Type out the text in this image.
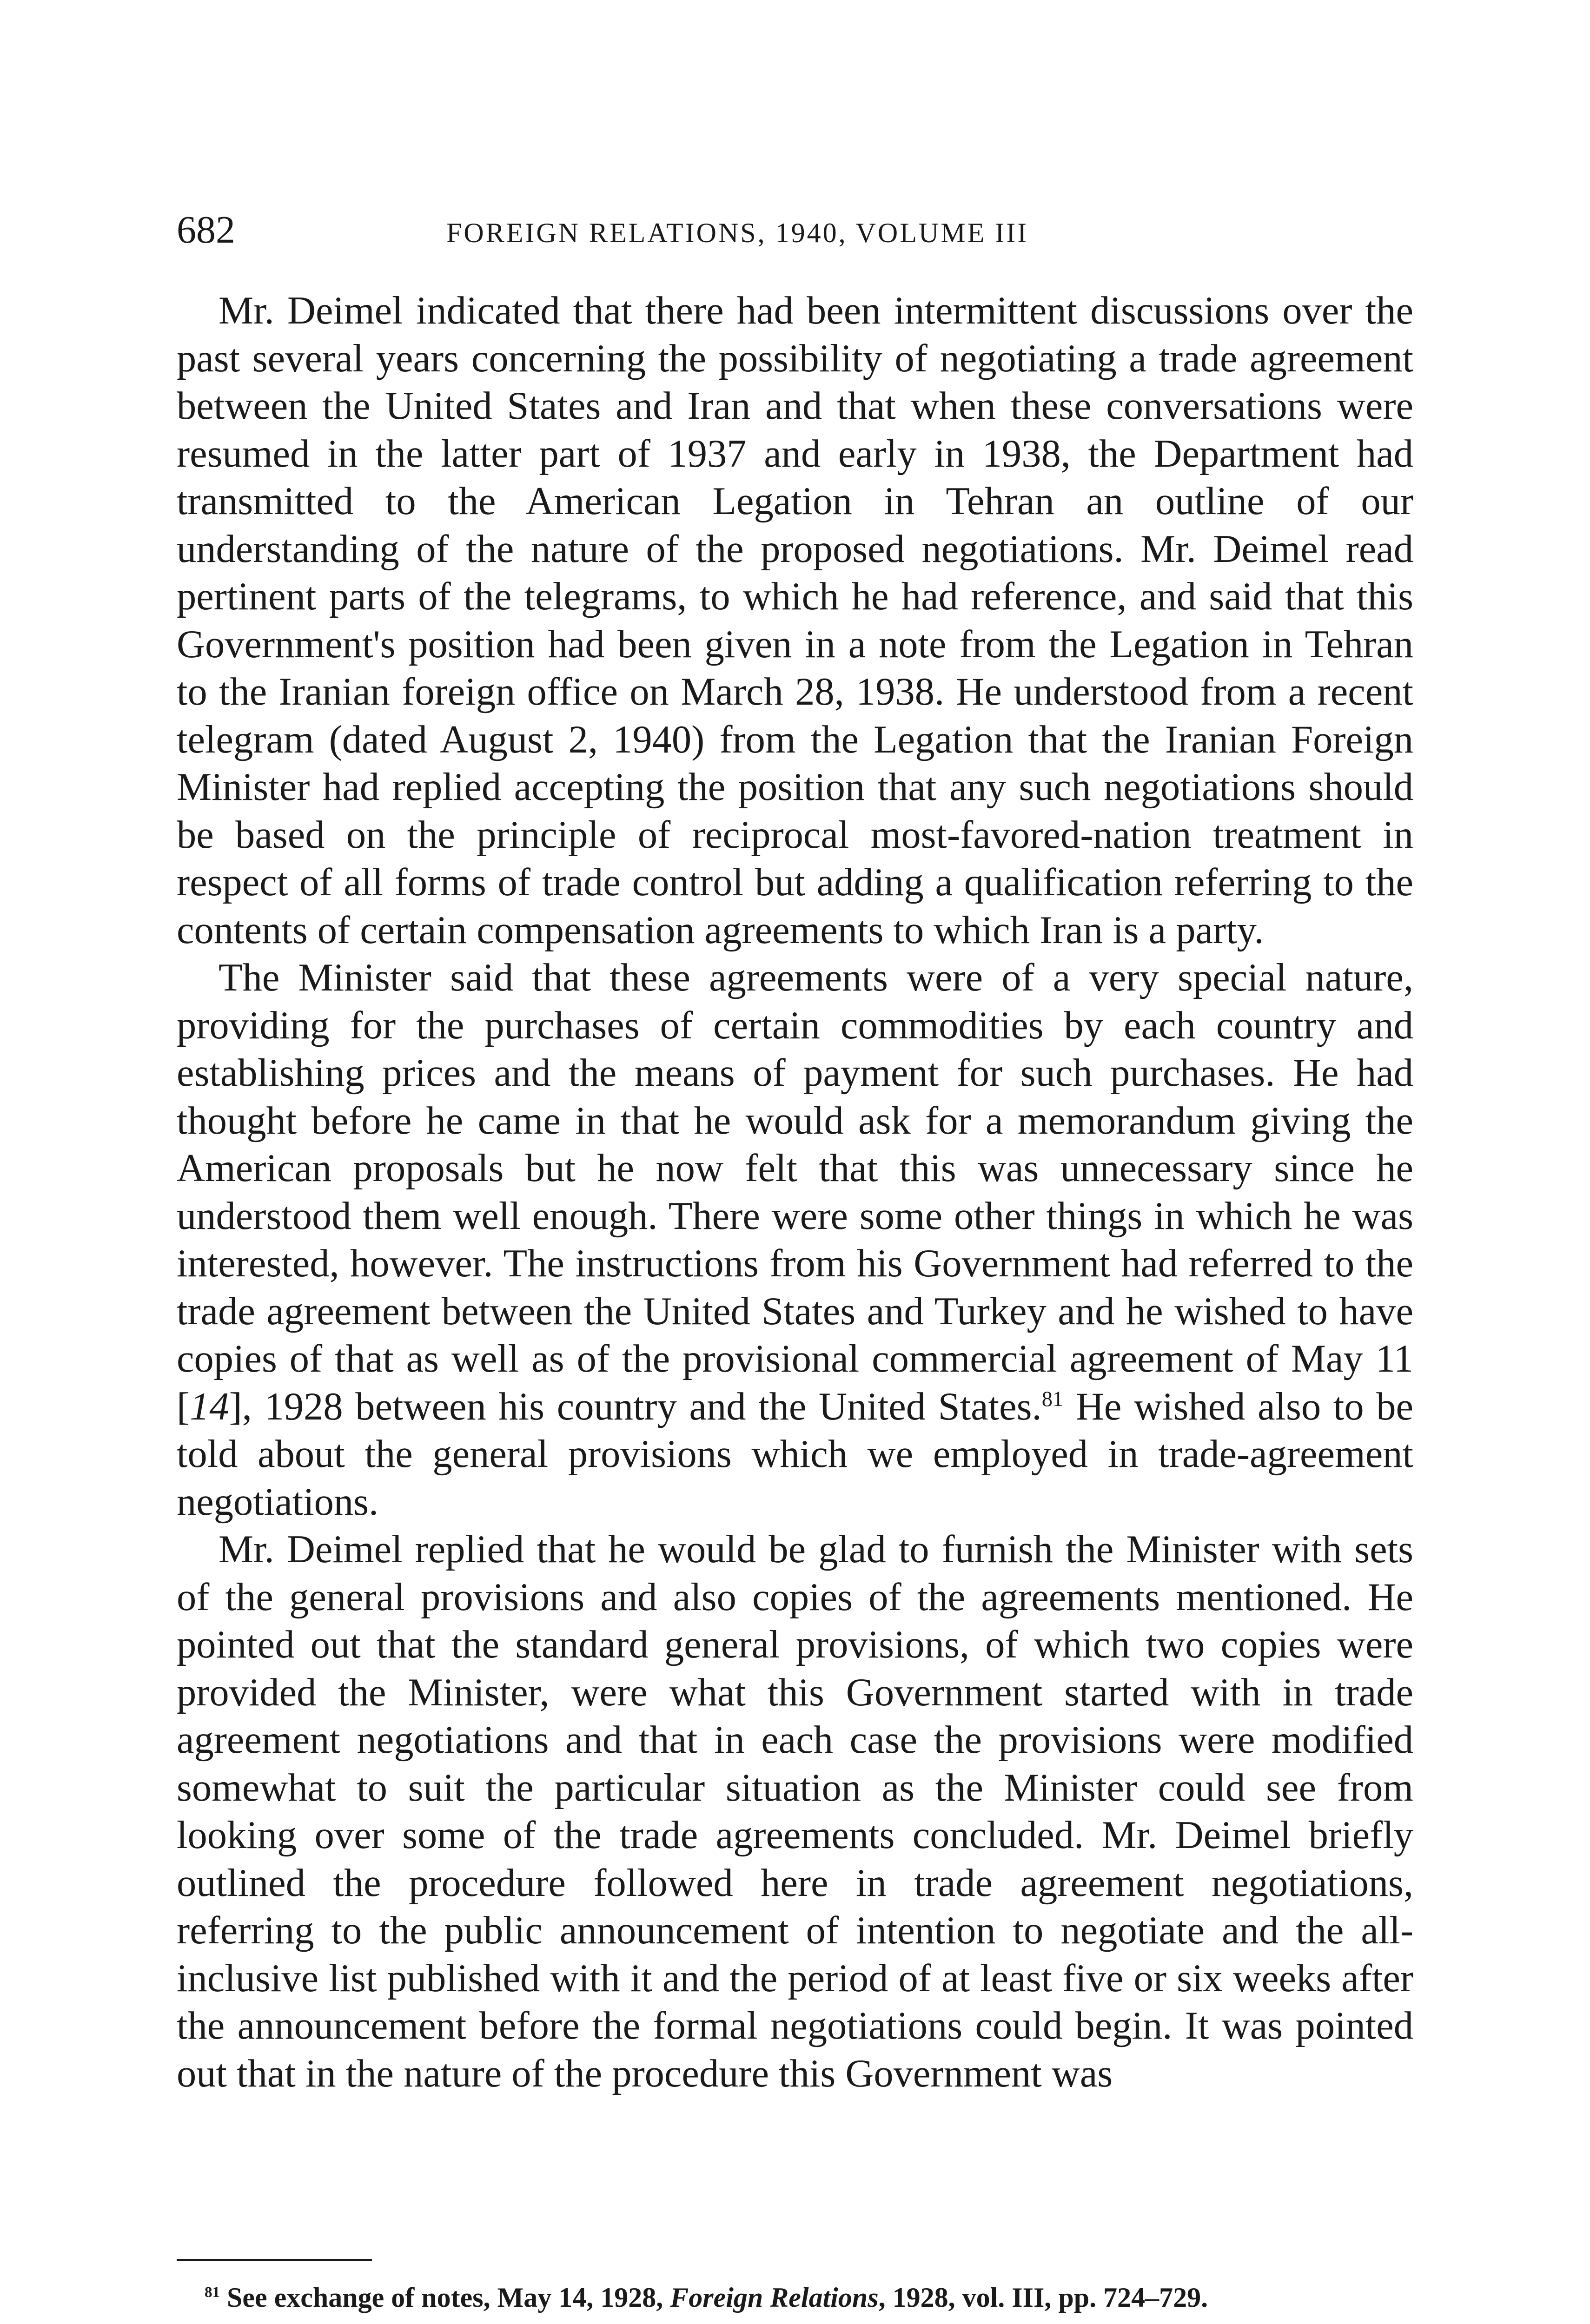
682	FOREIGN RELATIONS, 1940, VOLUME III

Mr. Deimel indicated that there had been intermittent discussions over the past several years concerning the possibility of negotiating a trade agreement between the United States and Iran and that when these conversations were resumed in the latter part of 1937 and early in 1938, the Department had transmitted to the American Legation in Tehran an outline of our understanding of the nature of the proposed negotiations. Mr. Deimel read pertinent parts of the telegrams, to which he had reference, and said that this Government's position had been given in a note from the Legation in Tehran to the Iranian foreign office on March 28, 1938. He understood from a recent telegram (dated August 2, 1940) from the Legation that the Iranian Foreign Minister had replied accepting the position that any such negotiations should be based on the principle of reciprocal most-favored-nation treatment in respect of all forms of trade control but adding a qualification referring to the contents of certain compensation agreements to which Iran is a party.

The Minister said that these agreements were of a very special nature, providing for the purchases of certain commodities by each country and establishing prices and the means of payment for such purchases. He had thought before he came in that he would ask for a memorandum giving the American proposals but he now felt that this was unnecessary since he understood them well enough. There were some other things in which he was interested, however. The instructions from his Government had referred to the trade agreement between the United States and Turkey and he wished to have copies of that as well as of the provisional commercial agreement of May 11 [14], 1928 between his country and the United States.$^{81}$ He wished also to be told about the general provisions which we employed in trade-agreement negotiations.

Mr. Deimel replied that he would be glad to furnish the Minister with sets of the general provisions and also copies of the agreements mentioned. He pointed out that the standard general provisions, of which two copies were provided the Minister, were what this Government started with in trade agreement negotiations and that in each case the provisions were modified somewhat to suit the particular situation as the Minister could see from looking over some of the trade agreements concluded. Mr. Deimel briefly outlined the procedure followed here in trade agreement negotiations, referring to the public announcement of intention to negotiate and the all-inclusive list published with it and the period of at least five or six weeks after the announcement before the formal negotiations could begin. It was pointed out that in the nature of the procedure this Government was

$^{81}$ See exchange of notes, May 14, 1928, Foreign Relations, 1928, vol. III, pp. 724–729.
